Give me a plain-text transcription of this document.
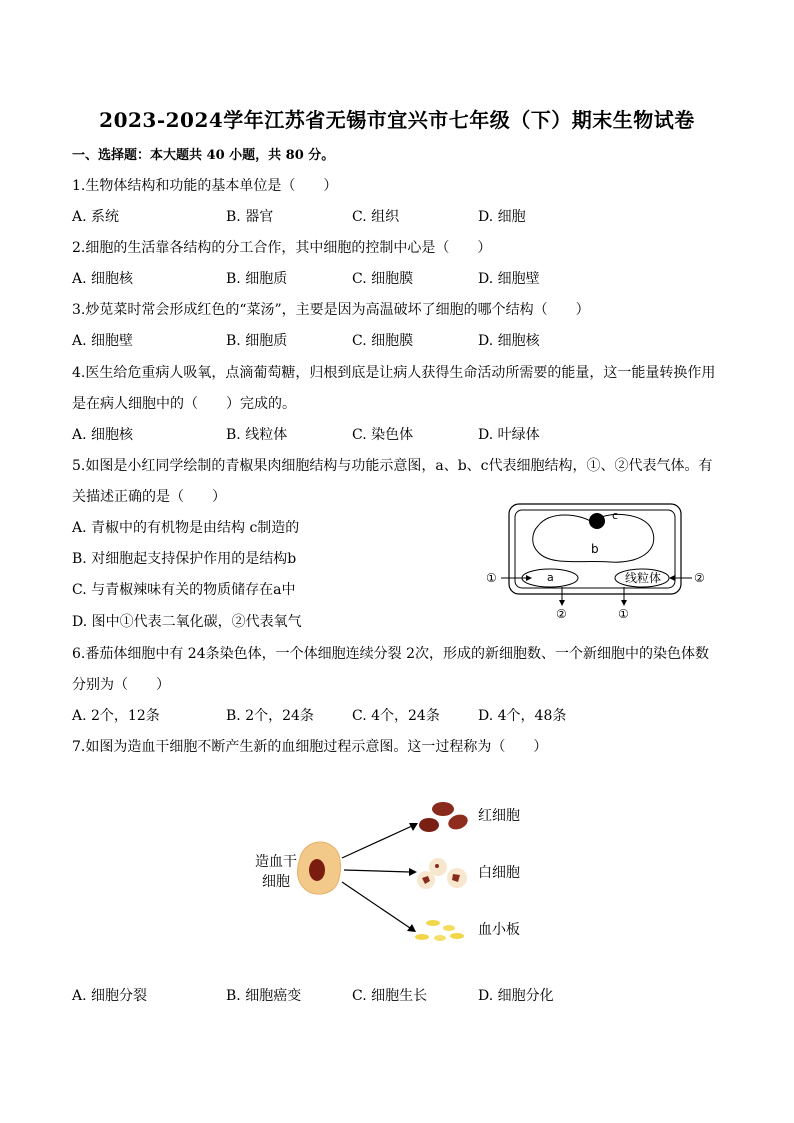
2023-2024学年江苏省无锡市宜兴市七年级（下）期末生物试卷
一、选择题：本大题共 40 小题，共 80 分。
1.生物体结构和功能的基本单位是（　　）
A. 系统	B. 器官	C. 组织	D. 细胞
2.细胞的生活靠各结构的分工合作，其中细胞的控制中心是（　　）
A. 细胞核	B. 细胞质	C. 细胞膜	D. 细胞壁
3.炒苋菜时常会形成红色的“菜汤”，主要是因为高温破坏了细胞的哪个结构（　　）
A. 细胞壁	B. 细胞质	C. 细胞膜	D. 细胞核
4.医生给危重病人吸氧，点滴葡萄糖，归根到底是让病人获得生命活动所需要的能量，这一能量转换作用
是在病人细胞中的（　　）完成的。
A. 细胞核	B. 线粒体	C. 染色体	D. 叶绿体
5.如图是小红同学绘制的青椒果肉细胞结构与功能示意图，a、b、c代表细胞结构，①、②代表气体。有
关描述正确的是（　　）
A. 青椒中的有机物是由结构 c制造的
B. 对细胞起支持保护作用的是结构b
C. 与青椒辣味有关的物质储存在a中
D. 图中①代表二氧化碳，②代表氧气
c
b
a	线粒体
①	②
②	①
6.番茄体细胞中有 24条染色体，一个体细胞连续分裂 2次，形成的新细胞数、一个新细胞中的染色体数
分别为（　　）
A. 2个，12条	B. 2个，24条	C. 4个，24条	D. 4个，48条
7.如图为造血干细胞不断产生新的血细胞过程示意图。这一过程称为（　　）
造血干
细胞
红细胞
白细胞
血小板
A. 细胞分裂	B. 细胞癌变	C. 细胞生长	D. 细胞分化
